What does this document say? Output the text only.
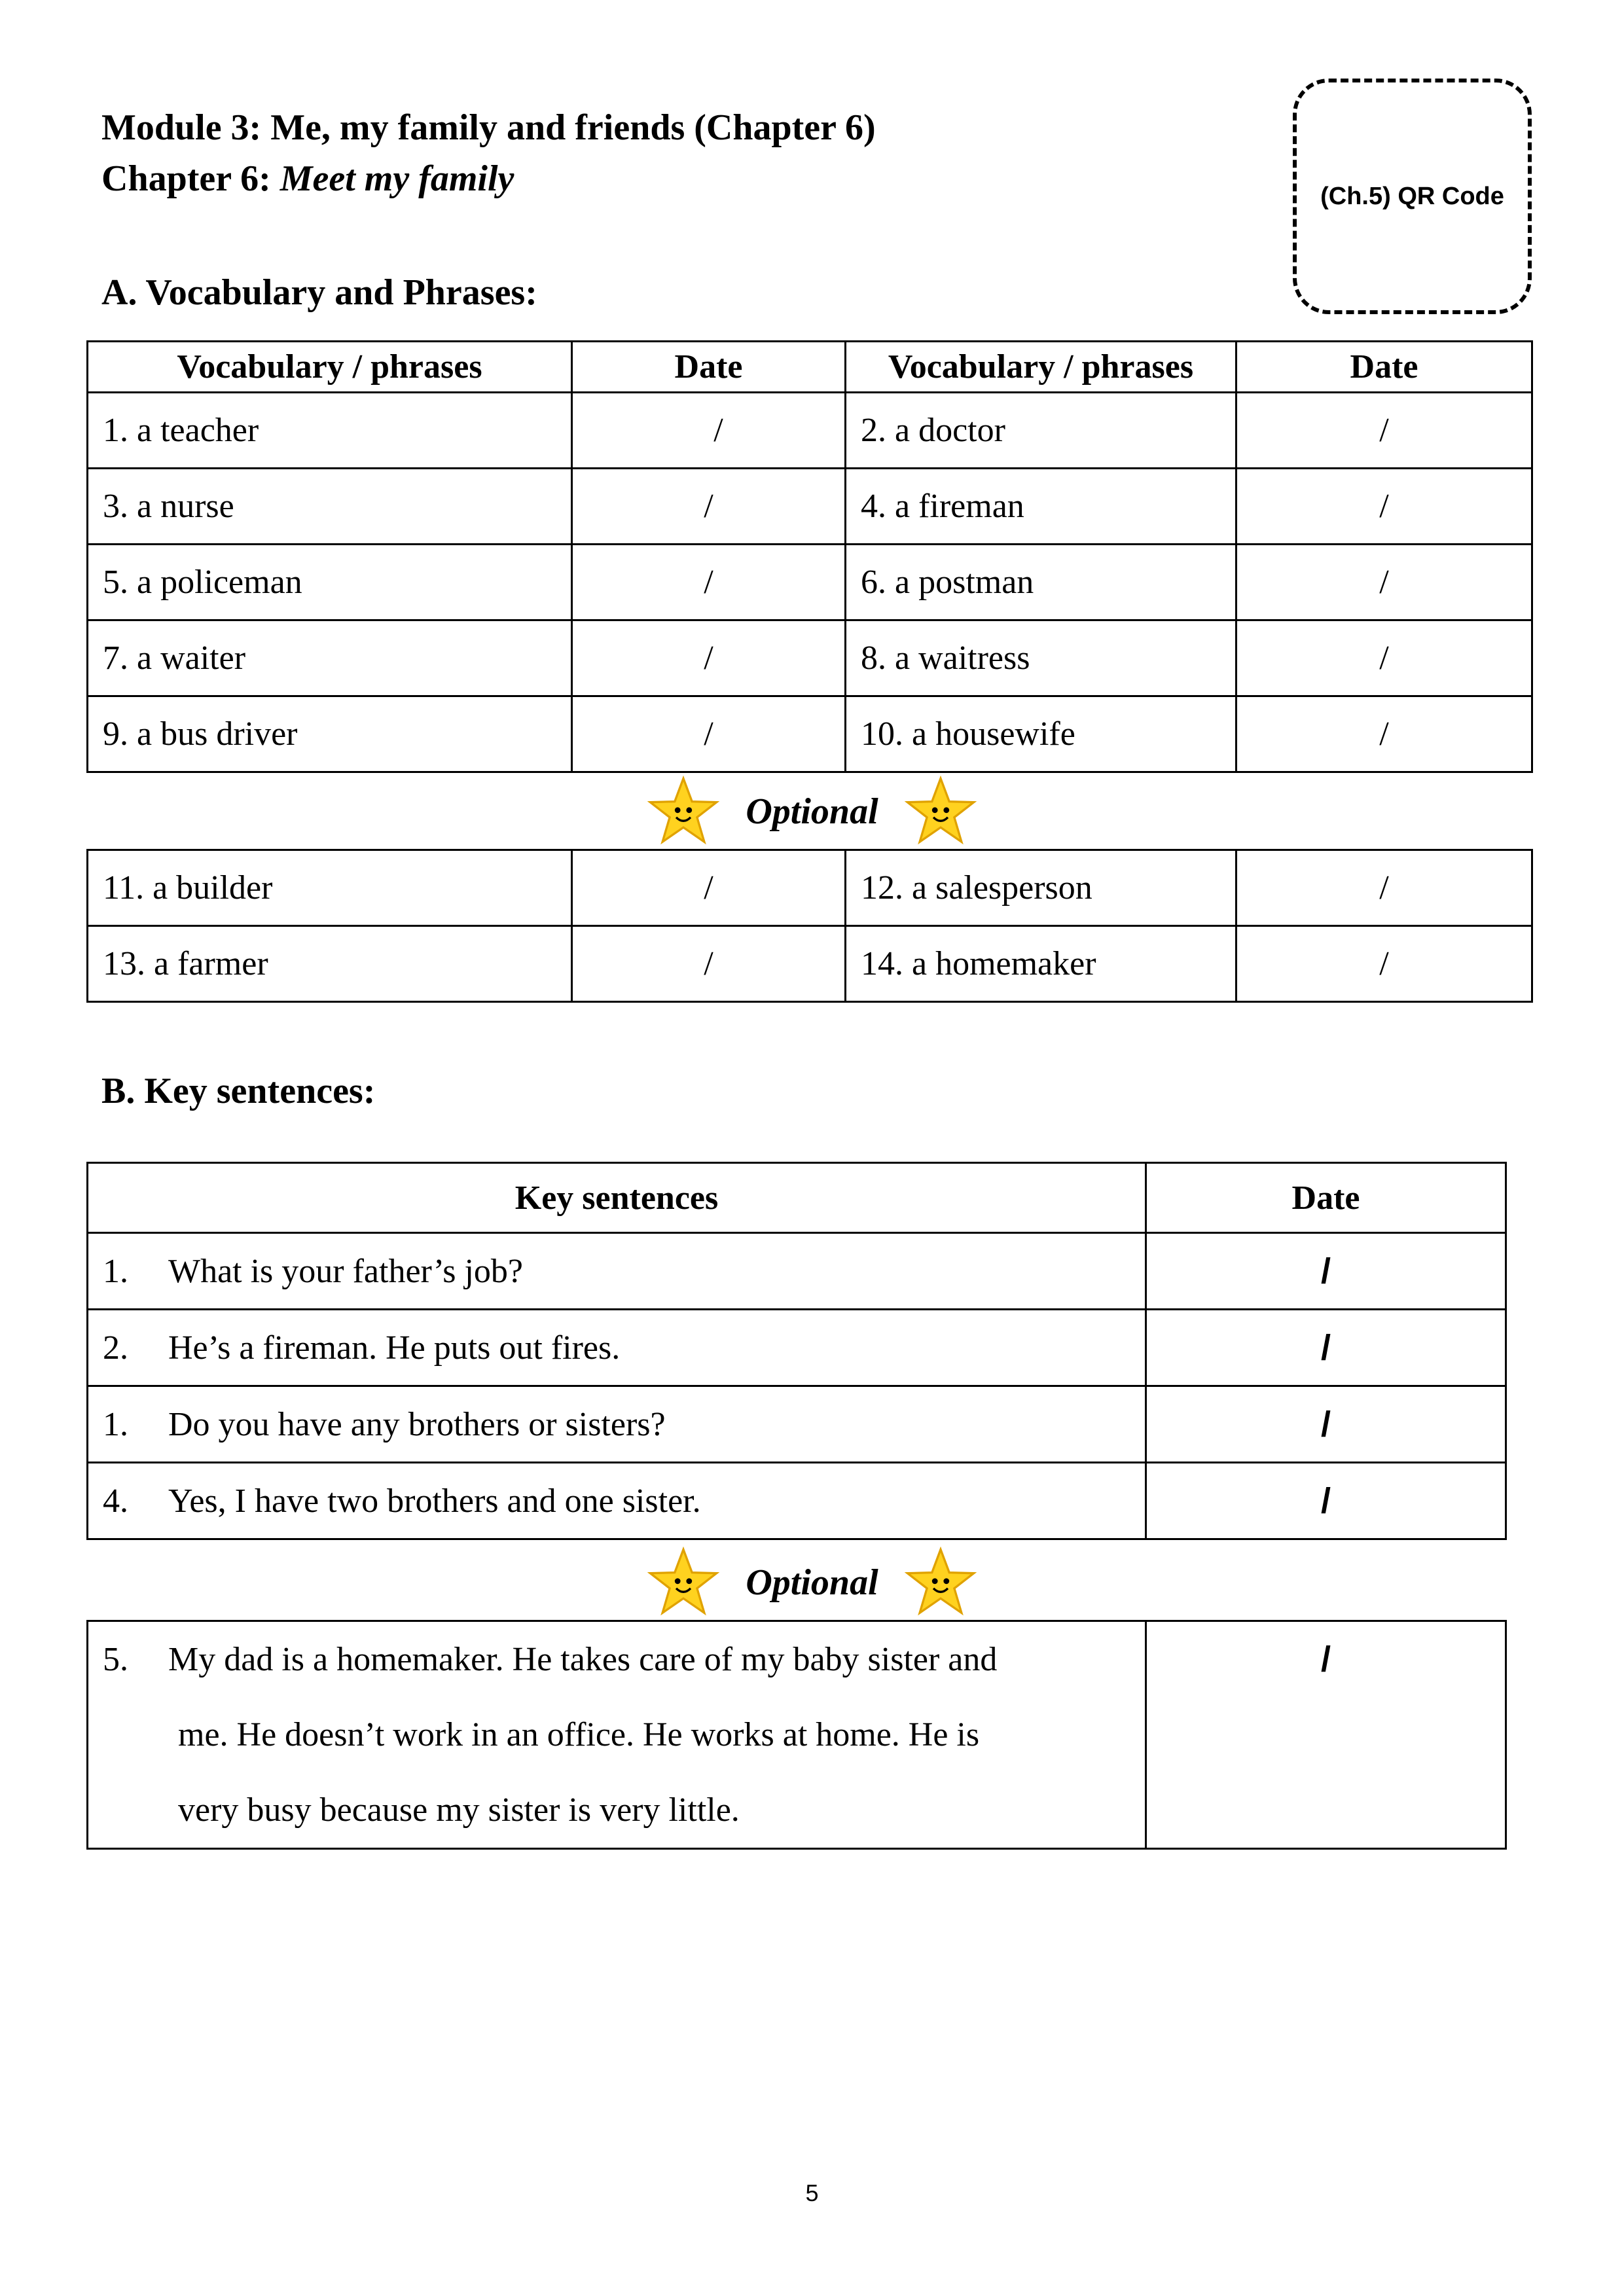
Module 3: Me, my family and friends (Chapter 6)
Chapter 6: Meet my family	(Ch.5) QR Code
A. Vocabulary and Phrases:
Vocabulary / phrases	Date	Vocabulary / phrases	Date
1. a teacher	/	2. a doctor	/
3. a nurse	/	4. a fireman	/
5. a policeman	/	6. a postman	/
7. a waiter	/	8. a waitress	/
9. a bus driver	/	10. a housewife	/
Optional
11. a builder	/	12. a salesperson	/
13. a farmer	/	14. a homemaker	/
B. Key sentences:
Key sentences	Date
1. What is your father’s job?	/
2. He’s a fireman. He puts out fires.	/
1. Do you have any brothers or sisters?	/
4. Yes, I have two brothers and one sister.	/
Optional
5. My dad is a homemaker. He takes care of my baby sister and
me. He doesn’t work in an office. He works at home. He is
very busy because my sister is very little.
	/
5
